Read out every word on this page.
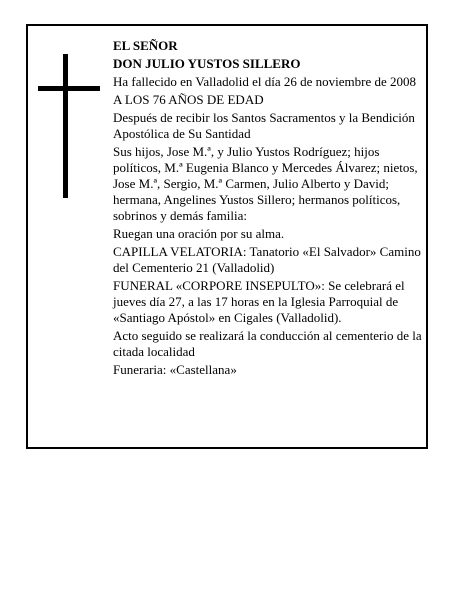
EL SEÑOR

DON JULIO YUSTOS SILLERO

Ha fallecido en Valladolid el día 26 de noviembre de 2008

A LOS 76 AÑOS DE EDAD

Después de recibir los Santos Sacramentos y la Bendición Apostólica de Su Santidad

Sus hijos, Jose M.ª, y Julio Yustos Rodríguez; hijos políticos, M.ª Eugenia Blanco y Mercedes Álvarez; nietos, Jose M.ª, Sergio, M.ª Carmen, Julio Alberto y David; hermana, Angelines Yustos Sillero; hermanos políticos, sobrinos y demás familia:

Ruegan una oración por su alma.

CAPILLA VELATORIA: Tanatorio «El Salvador» Camino del Cementerio 21 (Valladolid)

FUNERAL «CORPORE INSEPULTO»: Se celebrará el jueves día 27, a las 17 horas en la Iglesia Parroquial de «Santiago Apóstol» en Cigales (Valladolid).

Acto seguido se realizará la conducción al cementerio de la citada localidad

Funeraria: «Castellana»
